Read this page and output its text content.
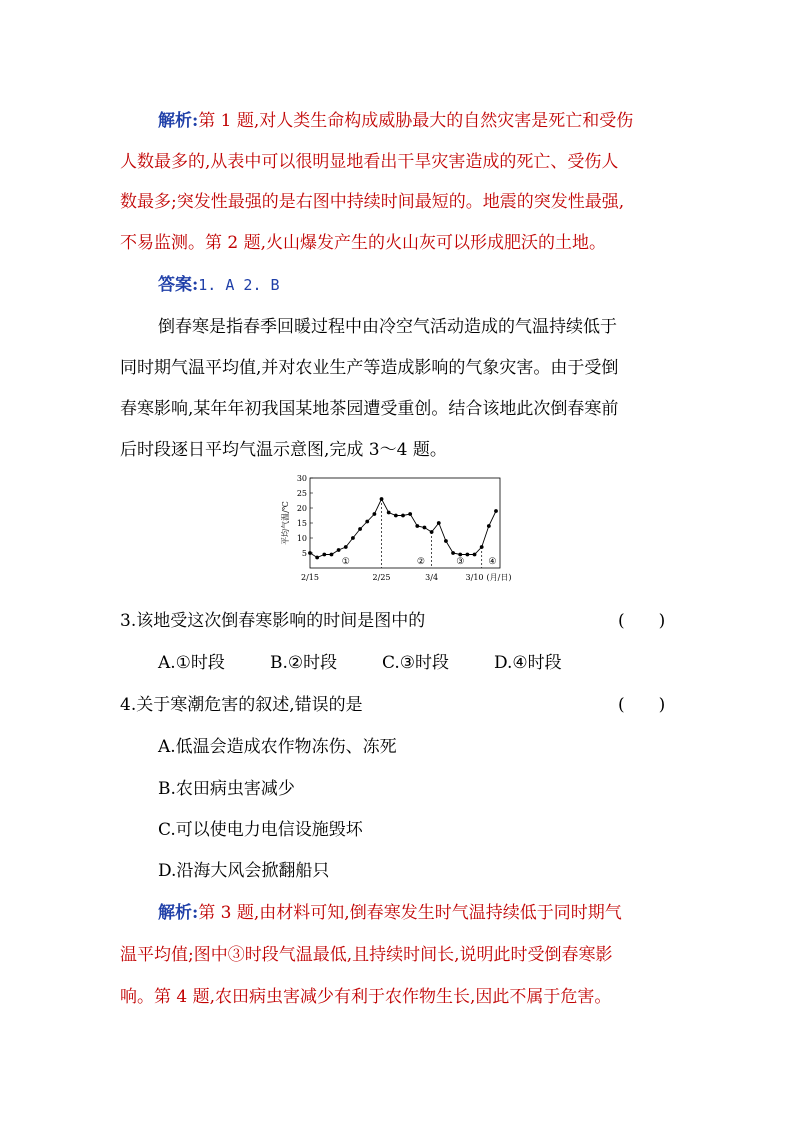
解析:第 1 题,对人类生命构成威胁最大的自然灾害是死亡和受伤
人数最多的,从表中可以很明显地看出干旱灾害造成的死亡、受伤人
数最多;突发性最强的是右图中持续时间最短的。地震的突发性最强,
不易监测。第 2 题,火山爆发产生的火山灰可以形成肥沃的土地。
答案:1. A 2. B
倒春寒是指春季回暖过程中由冷空气活动造成的气温持续低于
同时期气温平均值,并对农业生产等造成影响的气象灾害。由于受倒
春寒影响,某年年初我国某地茶园遭受重创。结合该地此次倒春寒前
后时段逐日平均气温示意图,完成 3～4 题。
30
25
20
15
10
5
平均气温/℃
①	②	③	④
2/15	2/25	3/4	3/10 (月/日)
3.该地受这次倒春寒影响的时间是图中的	(　　)
A.①时段	B.②时段	C.③时段	D.④时段
4.关于寒潮危害的叙述,错误的是	(　　)
A.低温会造成农作物冻伤、冻死
B.农田病虫害减少
C.可以使电力电信设施毁坏
D.沿海大风会掀翻船只
解析:第 3 题,由材料可知,倒春寒发生时气温持续低于同时期气
温平均值;图中③时段气温最低,且持续时间长,说明此时受倒春寒影
响。第 4 题,农田病虫害减少有利于农作物生长,因此不属于危害。
